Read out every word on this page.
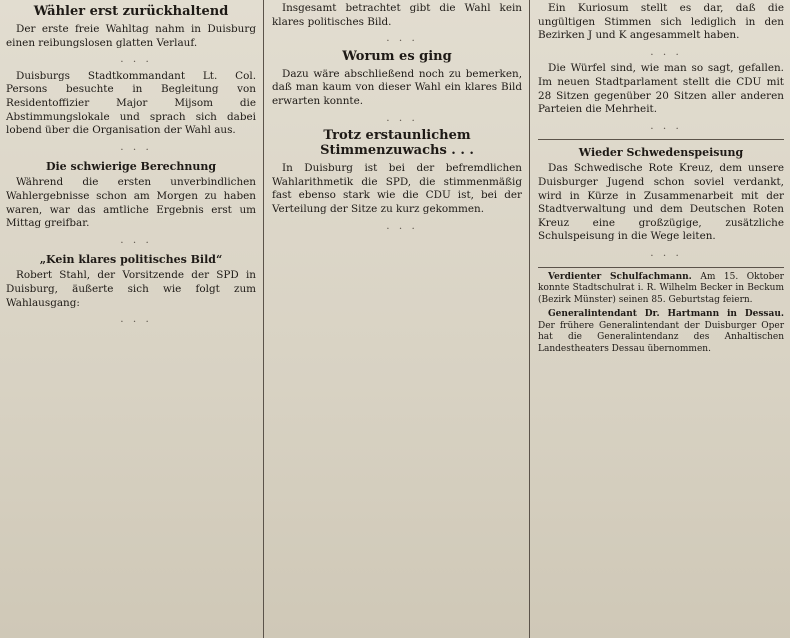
Wähler erst zurückhaltend

Der erste freie Wahltag nahm in Duisburg einen reibungslosen glatten Verlauf.

. . .

Duisburgs Stadtkommandant Lt. Col. Persons besuchte in Begleitung von Residentoffizier Major Mijsom die Abstimmungslokale und sprach sich dabei lobend über die Organisation der Wahl aus.

. . .

Die schwierige Berechnung

Während die ersten unverbindlichen Wahlergebnisse schon am Morgen zu haben waren, war das amtliche Ergebnis erst um Mittag greifbar.

. . .

„Kein klares politisches Bild“

Robert Stahl, der Vorsitzende der SPD in Duisburg, äußerte sich wie folgt zum Wahlausgang:

. . .

Insgesamt betrachtet gibt die Wahl kein klares politisches Bild.

. . .

Worum es ging

Dazu wäre abschließend noch zu bemerken, daß man kaum von dieser Wahl ein klares Bild erwarten konnte.

. . .

Trotz erstaunlichem Stimmenzuwachs . . .

In Duisburg ist bei der befremdlichen Wahlarithmetik die SPD, die stimmenmäßig fast ebenso stark wie die CDU ist, bei der Verteilung der Sitze zu kurz gekommen.

. . .

Ein Kuriosum stellt es dar, daß die ungültigen Stimmen sich lediglich in den Bezirken J und K angesammelt haben.

. . .

Die Würfel sind, wie man so sagt, gefallen. Im neuen Stadtparlament stellt die CDU mit 28 Sitzen gegenüber 20 Sitzen aller anderen Parteien die Mehrheit.

. . .

Wieder Schwedenspeisung

Das Schwedische Rote Kreuz, dem unsere Duisburger Jugend schon soviel verdankt, wird in Kürze in Zusammenarbeit mit der Stadtverwaltung und dem Deutschen Roten Kreuz eine großzügige, zusätzliche Schulspeisung in die Wege leiten.

. . .

Verdienter Schulfachmann. Am 15. Oktober konnte Stadtschulrat i. R. Wilhelm Becker in Beckum (Bezirk Münster) seinen 85. Geburtstag feiern.

Generalintendant Dr. Hartmann in Dessau. Der frühere Generalintendant der Duisburger Oper hat die Generalintendanz des Anhaltischen Landestheaters Dessau übernommen.
